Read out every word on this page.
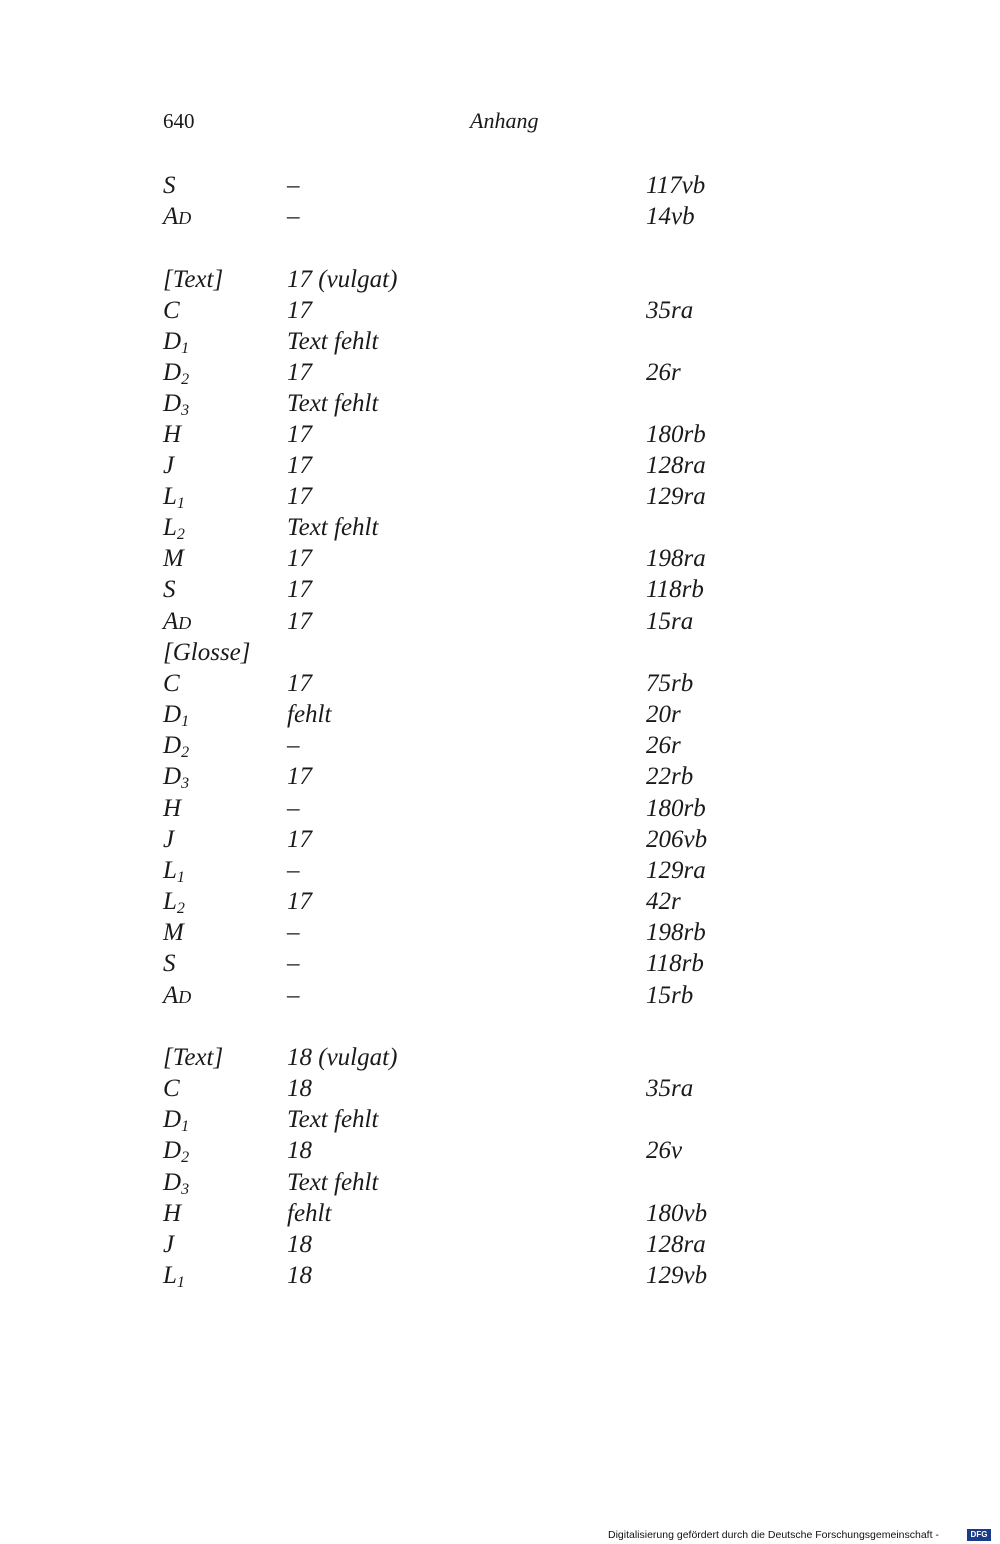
640	Anhang
S	–	117vb
AD	–	14vb
[Text]	17 (vulgat)
C	17	35ra
$D_1$	Text fehlt
$D_2$	17	26r
$D_3$	Text fehlt
H	17	180rb
J	17	128ra
$L_1$	17	129ra
$L_2$	Text fehlt
M	17	198ra
S	17	118rb
AD	17	15ra
[Glosse]
C	17	75rb
$D_1$	fehlt	20r
$D_2$	–	26r
$D_3$	17	22rb
H	–	180rb
J	17	206vb
$L_1$	–	129ra
$L_2$	17	42r
M	–	198rb
S	–	118rb
AD	–	15rb
[Text]	18 (vulgat)
C	18	35ra
$D_1$	Text fehlt
$D_2$	18	26v
$D_3$	Text fehlt
H	fehlt	180vb
J	18	128ra
$L_1$	18	129vb
Digitalisierung gefördert durch die Deutsche Forschungsgemeinschaft -	DFG
